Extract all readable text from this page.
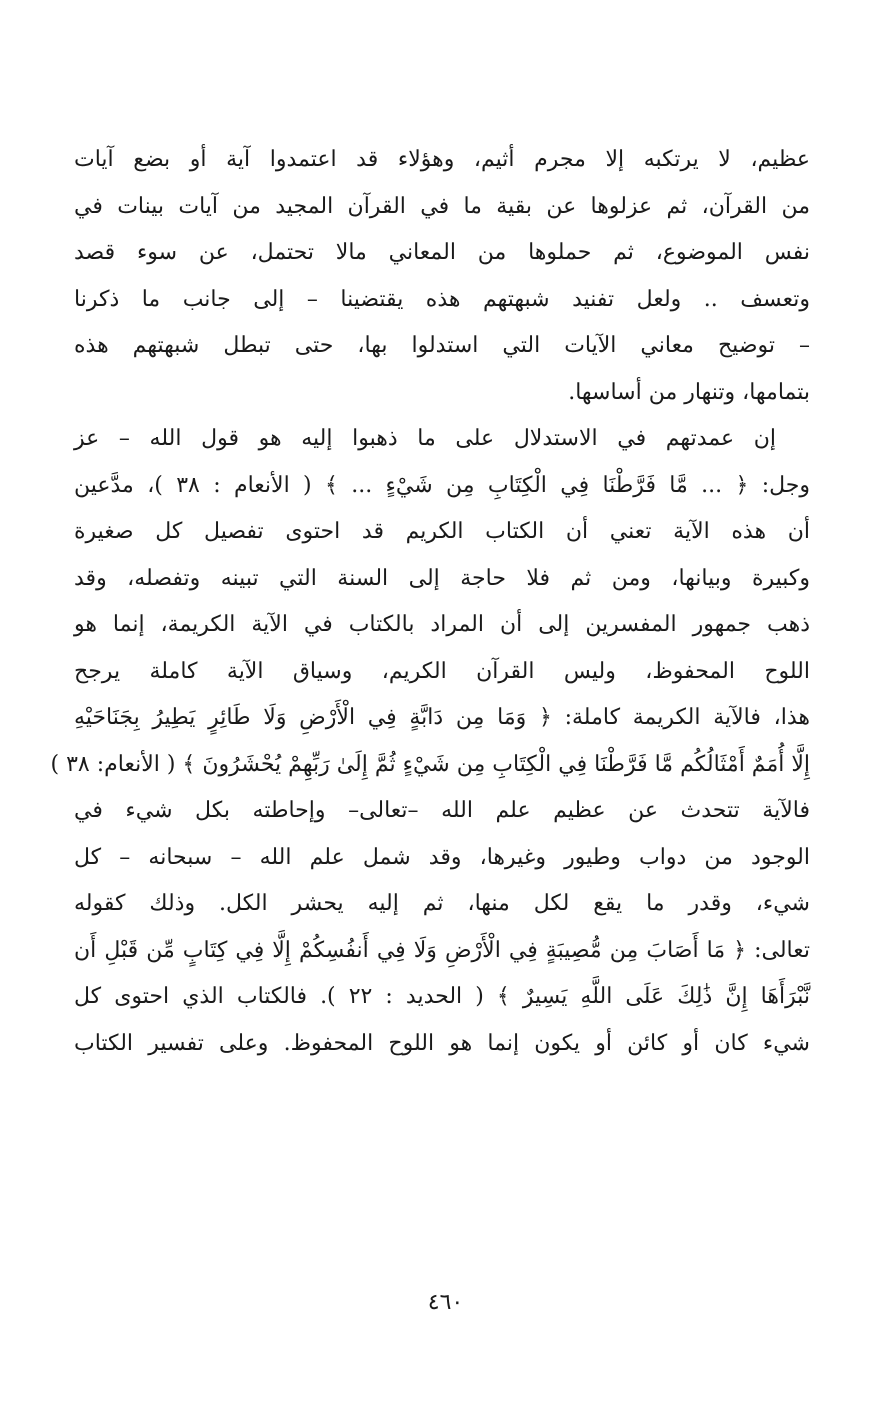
عظيم، لا يرتكبه إلا مجرم أثيم، وهؤلاء قد اعتمدوا آية أو بضع آيات
من القرآن، ثم عزلوها عن بقية ما في القرآن المجيد من آيات بينات في
نفس الموضوع، ثم حملوها من المعاني مالا تحتمل، عن سوء قصد
وتعسف .. ولعل تفنيد شبهتهم هذه يقتضينا – إلى جانب ما ذكرنا
– توضيح معاني الآيات التي استدلوا بها، حتى تبطل شبهتهم هذه
بتمامها، وتنهار من أساسها.
إن عمدتهم في الاستدلال على ما ذهبوا إليه هو قول الله – عز
وجل: ﴿ ... مَّا فَرَّطْنَا فِي الْكِتَابِ مِن شَيْءٍ ... ﴾ ( الأنعام : ٣٨ )، مدَّعين
أن هذه الآية تعني أن الكتاب الكريم قد احتوى تفصيل كل صغيرة
وكبيرة وبيانها، ومن ثم فلا حاجة إلى السنة التي تبينه وتفصله، وقد
ذهب جمهور المفسرين إلى أن المراد بالكتاب في الآية الكريمة، إنما هو
اللوح المحفوظ، وليس القرآن الكريم، وسياق الآية كاملة يرجح
هذا، فالآية الكريمة كاملة: ﴿ وَمَا مِن دَابَّةٍ فِي الْأَرْضِ وَلَا طَائِرٍ يَطِيرُ بِجَنَاحَيْهِ
إِلَّا أُمَمٌ أَمْثَالُكُم مَّا فَرَّطْنَا فِي الْكِتَابِ مِن شَيْءٍ ثُمَّ إِلَىٰ رَبِّهِمْ يُحْشَرُونَ ﴾ ( الأنعام: ٣٨ )
فالآية تتحدث عن عظيم علم الله –تعالى– وإحاطته بكل شيء في
الوجود من دواب وطيور وغيرها، وقد شمل علم الله – سبحانه – كل
شيء، وقدر ما يقع لكل منها، ثم إليه يحشر الكل. وذلك كقوله
تعالى: ﴿ مَا أَصَابَ مِن مُّصِيبَةٍ فِي الْأَرْضِ وَلَا فِي أَنفُسِكُمْ إِلَّا فِي كِتَابٍ مِّن قَبْلِ أَن
نَّبْرَأَهَا إِنَّ ذَٰلِكَ عَلَى اللَّهِ يَسِيرٌ ﴾ ( الحديد : ٢٢ ). فالكتاب الذي احتوى كل
شيء كان أو كائن أو يكون إنما هو اللوح المحفوظ. وعلى تفسير الكتاب
٤٦٠
